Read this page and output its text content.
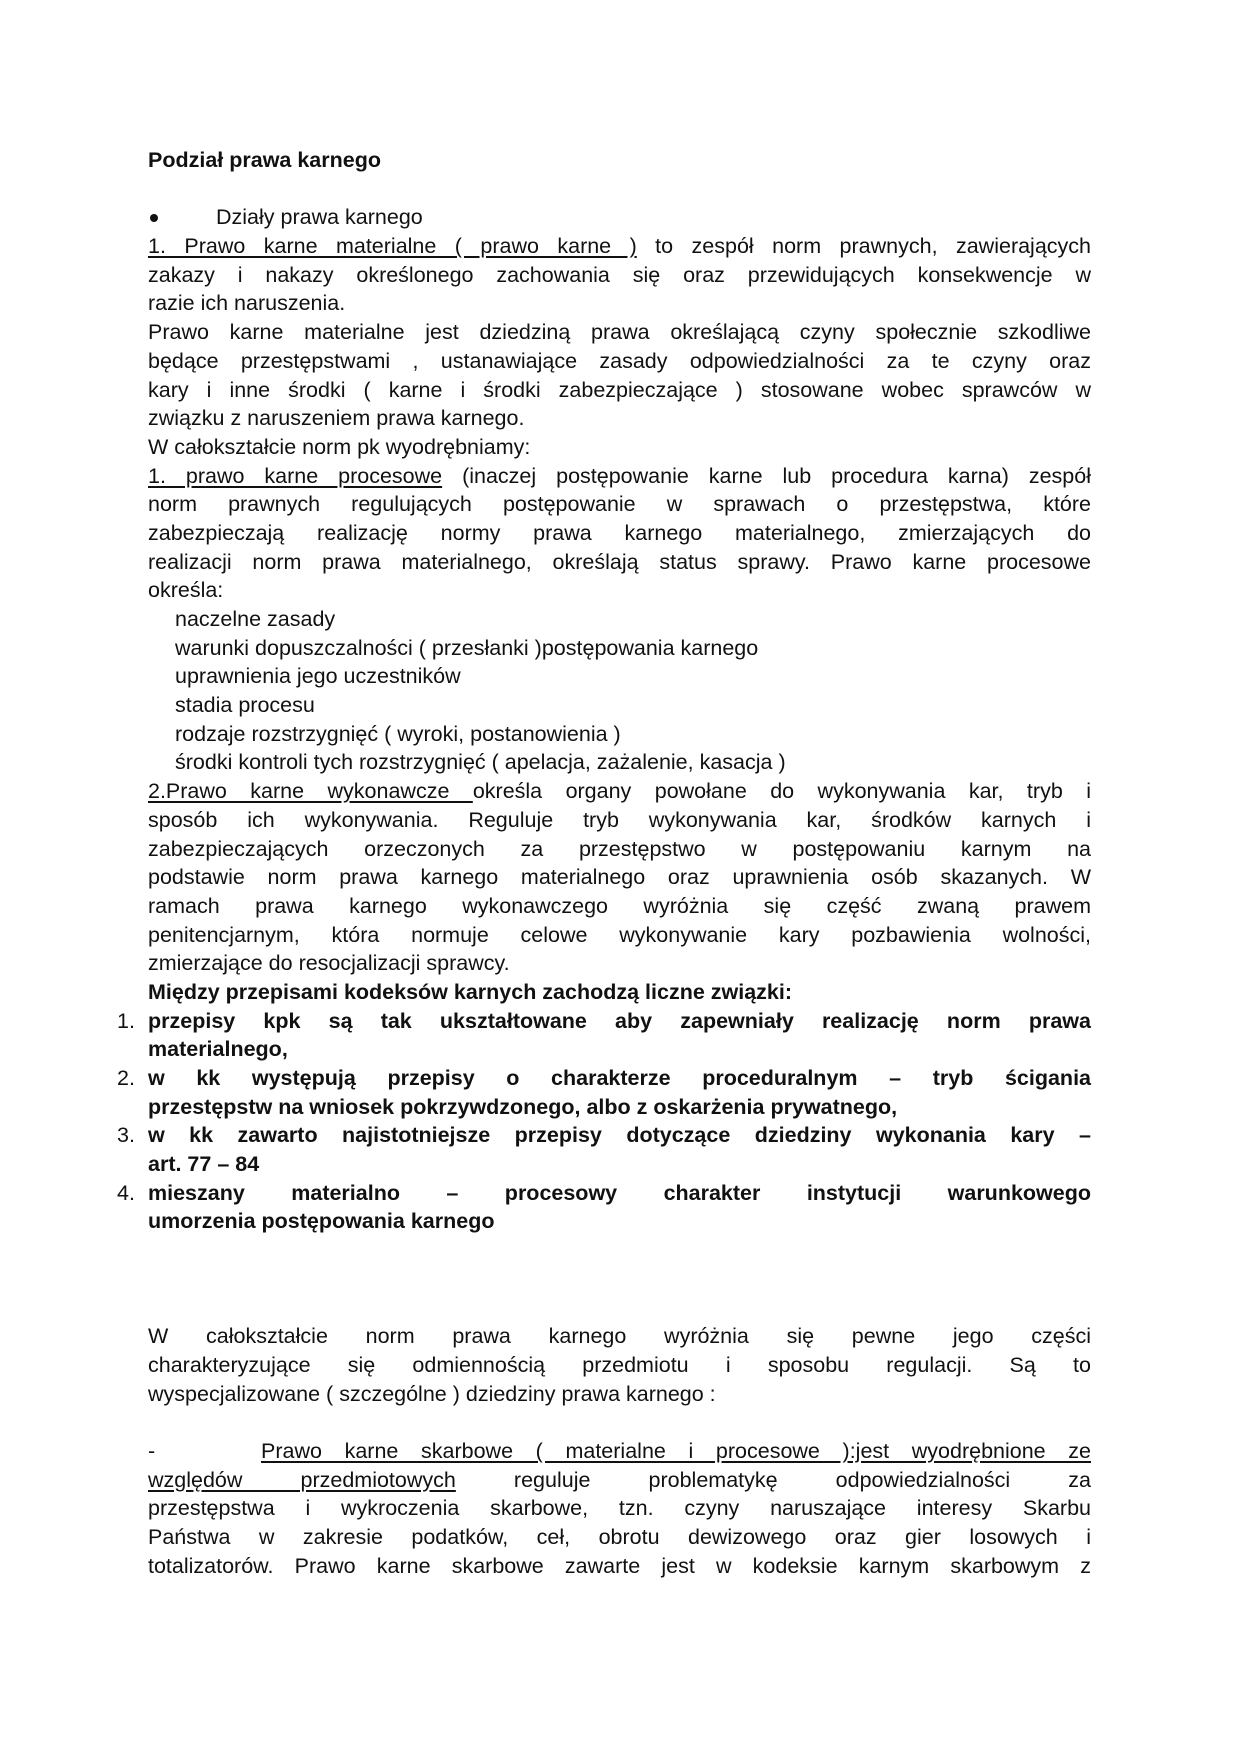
Podział prawa karnego
Działy prawa karnego
1. Prawo karne materialne ( prawo karne ) to zespół norm prawnych, zawierających
zakazy i nakazy określonego zachowania się oraz przewidujących konsekwencje w
razie ich naruszenia.
Prawo karne materialne jest dziedziną prawa określającą czyny społecznie szkodliwe
będące przestępstwami , ustanawiające zasady odpowiedzialności za te czyny oraz
kary i inne środki ( karne i środki zabezpieczające ) stosowane wobec sprawców w
związku z naruszeniem prawa karnego.
W całokształcie norm pk wyodrębniamy:
1. prawo karne procesowe (inaczej postępowanie karne lub procedura karna) zespół
norm prawnych regulujących postępowanie w sprawach o przestępstwa, które
zabezpieczają realizację normy prawa karnego materialnego, zmierzających do
realizacji norm prawa materialnego, określają status sprawy. Prawo karne procesowe
określa:
naczelne zasady
warunki dopuszczalności ( przesłanki )postępowania karnego
uprawnienia jego uczestników
stadia procesu
rodzaje rozstrzygnięć ( wyroki, postanowienia )
środki kontroli tych rozstrzygnięć ( apelacja, zażalenie, kasacja )
2.Prawo karne wykonawcze określa organy powołane do wykonywania kar, tryb i
sposób ich wykonywania. Reguluje tryb wykonywania kar, środków karnych i
zabezpieczających orzeczonych za przestępstwo w postępowaniu karnym na
podstawie norm prawa karnego materialnego oraz uprawnienia osób skazanych. W
ramach prawa karnego wykonawczego wyróżnia się część zwaną prawem
penitencjarnym, która normuje celowe wykonywanie kary pozbawienia wolności,
zmierzające do resocjalizacji sprawcy.
Między przepisami kodeksów karnych zachodzą liczne związki:
1. przepisy kpk są tak ukształtowane aby zapewniały realizację norm prawa
materialnego,
2. w kk występują przepisy o charakterze proceduralnym – tryb ścigania
przestępstw na wniosek pokrzywdzonego, albo z oskarżenia prywatnego,
3. w kk zawarto najistotniejsze przepisy dotyczące dziedziny wykonania kary –
art. 77 – 84
4. mieszany materialno – procesowy charakter instytucji warunkowego
umorzenia postępowania karnego
W całokształcie norm prawa karnego wyróżnia się pewne jego części
charakteryzujące się odmiennością przedmiotu i sposobu regulacji. Są to
wyspecjalizowane ( szczególne ) dziedziny prawa karnego :
-	Prawo karne skarbowe ( materialne i procesowe ):jest wyodrębnione ze
względów przedmiotowych reguluje problematykę odpowiedzialności za
przestępstwa i wykroczenia skarbowe, tzn. czyny naruszające interesy Skarbu
Państwa w zakresie podatków, ceł, obrotu dewizowego oraz gier losowych i
totalizatorów. Prawo karne skarbowe zawarte jest w kodeksie karnym skarbowym z
